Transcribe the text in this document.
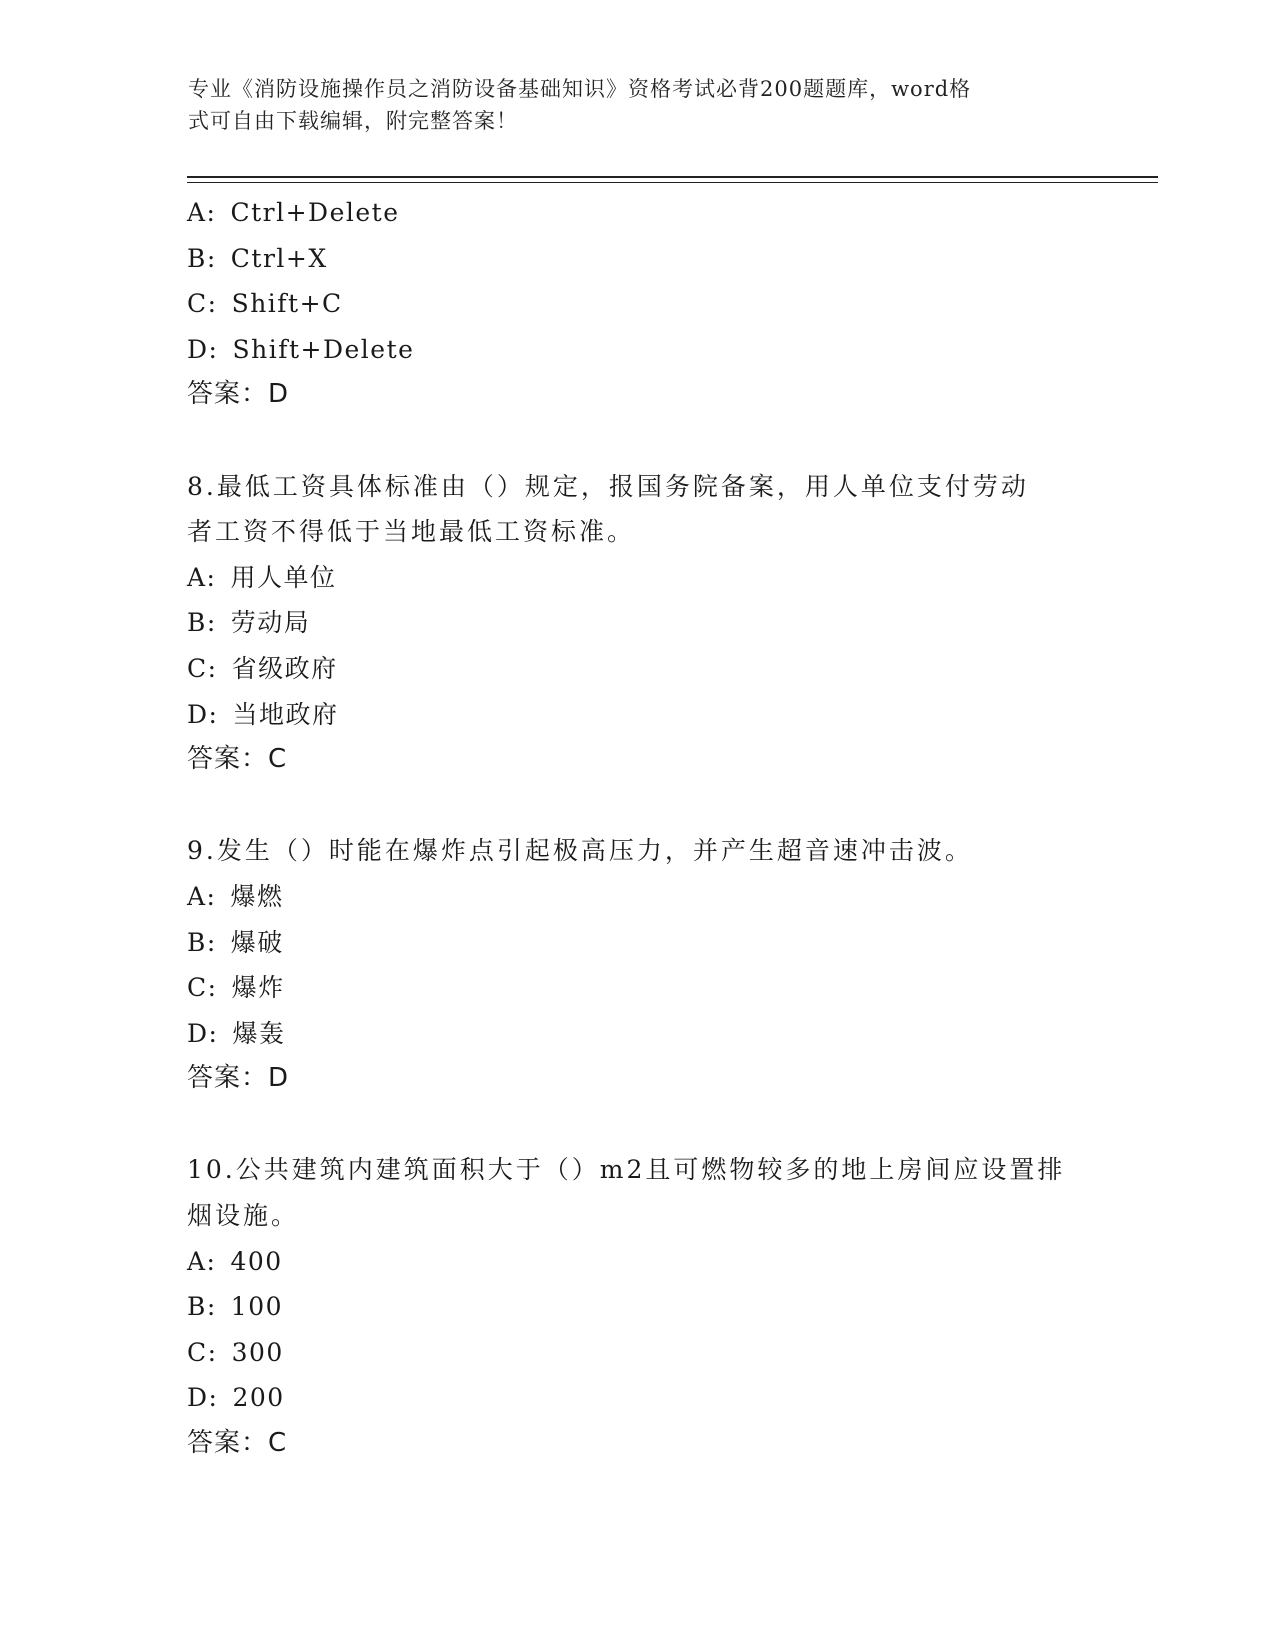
专业《消防设施操作员之消防设备基础知识》资格考试必背200题题库，word格
式可自由下载编辑，附完整答案！
A: Ctrl+Delete
B: Ctrl+X
C: Shift+C
D: Shift+Delete
答案：D
8.最低工资具体标准由（）规定，报国务院备案，用人单位支付劳动
者工资不得低于当地最低工资标准。
A: 用人单位
B: 劳动局
C: 省级政府
D: 当地政府
答案：C
9.发生（）时能在爆炸点引起极高压力，并产生超音速冲击波。
A: 爆燃
B: 爆破
C: 爆炸
D: 爆轰
答案：D
10.公共建筑内建筑面积大于（）m2且可燃物较多的地上房间应设置排
烟设施。
A: 400
B: 100
C: 300
D: 200
答案：C
